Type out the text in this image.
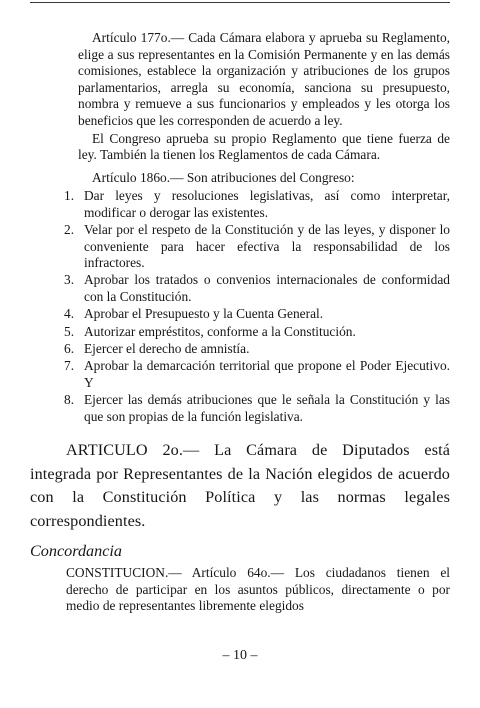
Artículo 177o.— Cada Cámara elabora y aprueba su Reglamento, elige a sus representantes en la Comisión Permanente y en las demás comisiones, establece la organización y atribuciones de los grupos parlamentarios, arregla su economía, sanciona su presupuesto, nombra y remueve a sus funcionarios y empleados y les otorga los beneficios que les corresponden de acuerdo a ley.

El Congreso aprueba su propio Reglamento que tiene fuerza de ley. También la tienen los Reglamentos de cada Cámara.

Artículo 186o.— Son atribuciones del Congreso:

1. Dar leyes y resoluciones legislativas, así como interpretar, modificar o derogar las existentes.
2. Velar por el respeto de la Constitución y de las leyes, y disponer lo conveniente para hacer efectiva la responsabilidad de los infractores.
3. Aprobar los tratados o convenios internacionales de conformidad con la Constitución.
4. Aprobar el Presupuesto y la Cuenta General.
5. Autorizar empréstitos, conforme a la Constitución.
6. Ejercer el derecho de amnistía.
7. Aprobar la demarcación territorial que propone el Poder Ejecutivo. Y
8. Ejercer las demás atribuciones que le señala la Constitución y las que son propias de la función legislativa.

ARTICULO 2o.— La Cámara de Diputados está integrada por Representantes de la Nación elegidos de acuerdo con la Constitución Política y las normas legales correspondientes.

Concordancia

CONSTITUCION.— Artículo 64o.— Los ciudadanos tienen el derecho de participar en los asuntos públicos, directamente o por medio de representantes libremente elegidos

– 10 –
